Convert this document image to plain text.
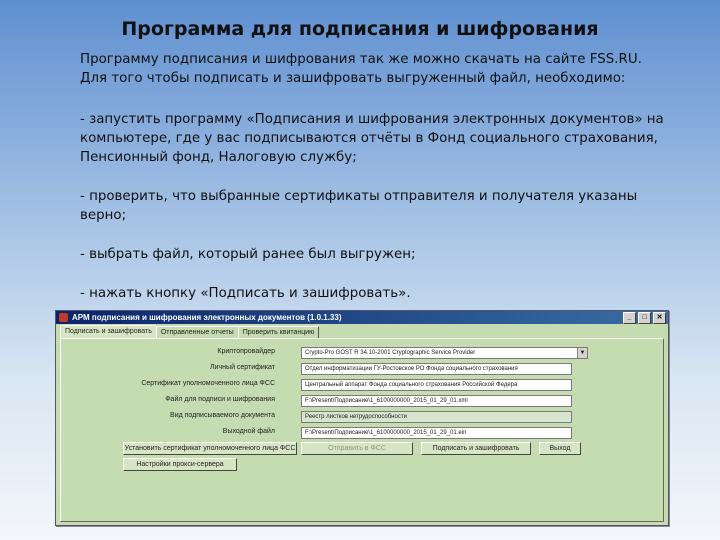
Программа для подписания и шифрования
Программу подписания и шифрования так же можно скачать на сайте FSS.RU. Для того чтобы подписать и зашифровать выгруженный файл, необходимо:
- запустить программу «Подписания и шифрования электронных документов» на компьютере, где у вас подписываются отчёты в Фонд социального страхования, Пенсионный фонд, Налоговую службу;
- проверить, что выбранные сертификаты отправителя и получателя указаны верно;
- выбрать файл, который ранее был выгружен;
- нажать кнопку «Подписать и зашифровать».
АРМ подписания и шифрования электронных документов (1.0.1.33)	_	□	✕
Подписать и зашифровать	Отправленные отчеты	Проверить квитанцию
Криптопровайдер	Crypto-Pro GOST R 34.10-2001 Cryptographic Service Provider	▼
Личный сертификат	Отдел информатизации ГУ-Ростовское РО Фонда социального страхования
Сертификат уполномоченного лица ФСС	Центральный аппарат Фонда социального страхования Российской Федера
Файл для подписи и шифрования	F:\Present\Подписание\1_6100000000_2015_01_29_01.xml
Вид подписываемого документа	Реестр листков нетрудоспособности
Выходной файл	F:\Present\Подписание\1_6100000000_2015_01_29_01.ein
Установить сертификат уполномоченного лица ФСС	Отправить в ФСС	Подписать и зашифровать	Выход
Настройки прокси-сервера
